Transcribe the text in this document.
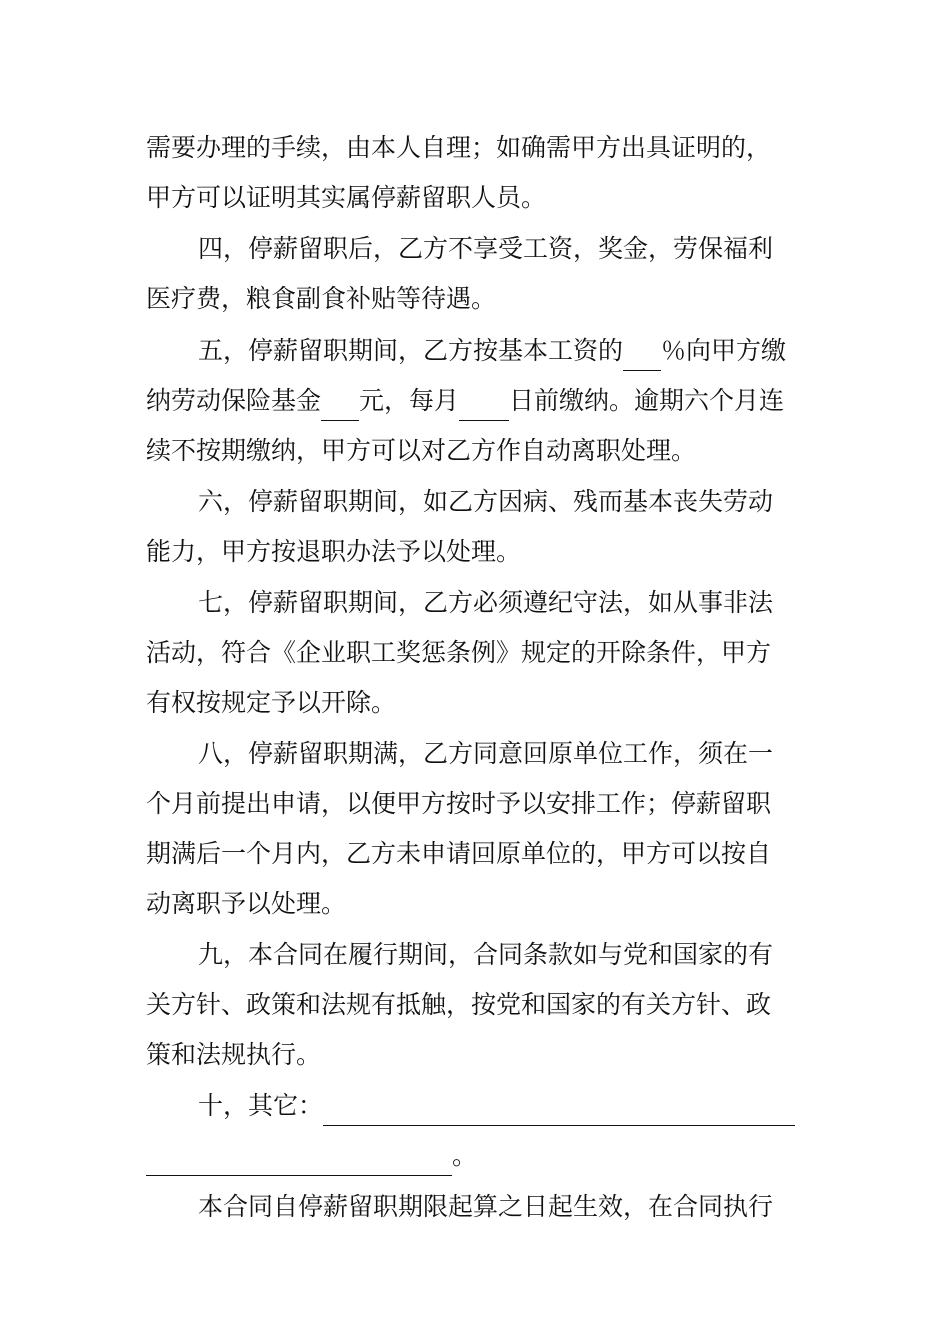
需要办理的手续，由本人自理；如确需甲方出具证明的，
甲方可以证明其实属停薪留职人员。
四，停薪留职后，乙方不享受工资，奖金，劳保福利
医疗费，粮食副食补贴等待遇。
五，停薪留职期间，乙方按基本工资的 ％向甲方缴
纳劳动保险基金 元，每月 日前缴纳。逾期六个月连
续不按期缴纳，甲方可以对乙方作自动离职处理。
六，停薪留职期间，如乙方因病、残而基本丧失劳动
能力，甲方按退职办法予以处理。
七，停薪留职期间，乙方必须遵纪守法，如从事非法
活动，符合《企业职工奖惩条例》规定的开除条件，甲方
有权按规定予以开除。
八，停薪留职期满，乙方同意回原单位工作，须在一
个月前提出申请，以便甲方按时予以安排工作；停薪留职
期满后一个月内，乙方未申请回原单位的，甲方可以按自
动离职予以处理。
九，本合同在履行期间，合同条款如与党和国家的有
关方针、政策和法规有抵触，按党和国家的有关方针、政
策和法规执行。
十，其它：
。
本合同自停薪留职期限起算之日起生效，在合同执行
